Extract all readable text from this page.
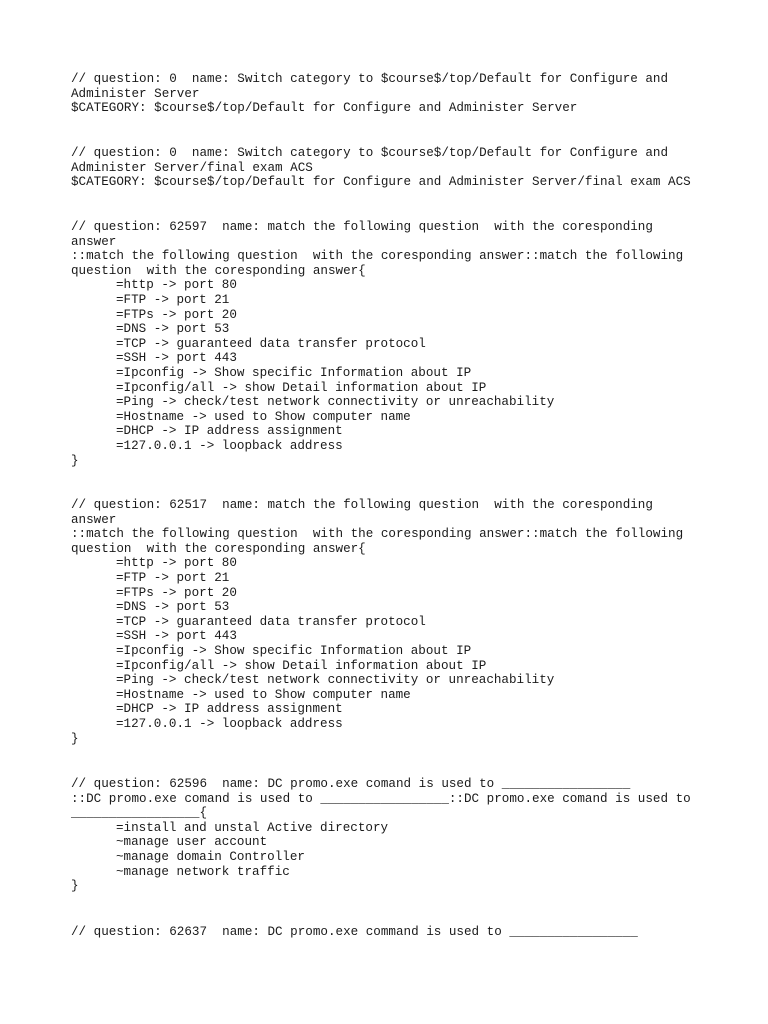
// question: 0  name: Switch category to $course$/top/Default for Configure and

Administer Server

$CATEGORY: $course$/top/Default for Configure and Administer Server

// question: 0  name: Switch category to $course$/top/Default for Configure and

Administer Server/final exam ACS

$CATEGORY: $course$/top/Default for Configure and Administer Server/final exam ACS

// question: 62597  name: match the following question  with the coresponding

answer

::match the following question  with the coresponding answer::match the following

question  with the coresponding answer{

=http -> port 80

=FTP -> port 21

=FTPs -> port 20

=DNS -> port 53

=TCP -> guaranteed data transfer protocol

=SSH -> port 443

=Ipconfig -> Show specific Information about IP

=Ipconfig/all -> show Detail information about IP

=Ping -> check/test network connectivity or unreachability

=Hostname -> used to Show computer name

=DHCP -> IP address assignment

=127.0.0.1 -> loopback address

}

// question: 62517  name: match the following question  with the coresponding

answer

::match the following question  with the coresponding answer::match the following

question  with the coresponding answer{

=http -> port 80

=FTP -> port 21

=FTPs -> port 20

=DNS -> port 53

=TCP -> guaranteed data transfer protocol

=SSH -> port 443

=Ipconfig -> Show specific Information about IP

=Ipconfig/all -> show Detail information about IP

=Ping -> check/test network connectivity or unreachability

=Hostname -> used to Show computer name

=DHCP -> IP address assignment

=127.0.0.1 -> loopback address

}

// question: 62596  name: DC promo.exe comand is used to _________________

::DC promo.exe comand is used to _________________::DC promo.exe comand is used to

_________________{

=install and unstal Active directory

~manage user account

~manage domain Controller

~manage network traffic

}

// question: 62637  name: DC promo.exe command is used to _________________
